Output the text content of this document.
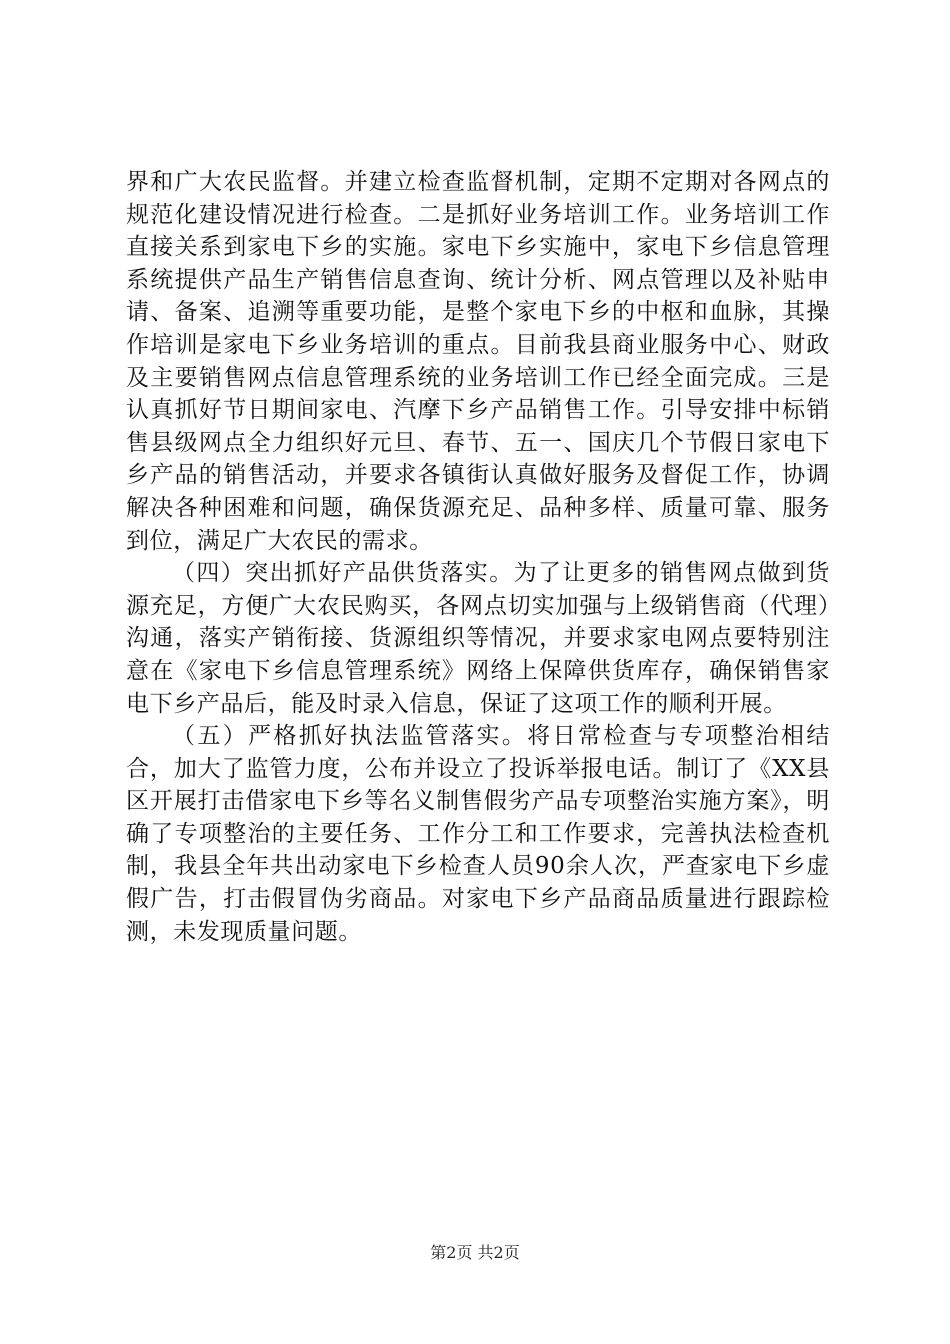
界和广大农民监督。并建立检查监督机制，定期不定期对各网点的规范化建设情况进行检查。二是抓好业务培训工作。业务培训工作直接关系到家电下乡的实施。家电下乡实施中，家电下乡信息管理系统提供产品生产销售信息查询、统计分析、网点管理以及补贴申请、备案、追溯等重要功能，是整个家电下乡的中枢和血脉，其操作培训是家电下乡业务培训的重点。目前我县商业服务中心、财政及主要销售网点信息管理系统的业务培训工作已经全面完成。三是认真抓好节日期间家电、汽摩下乡产品销售工作。引导安排中标销售县级网点全力组织好元旦、春节、五一、国庆几个节假日家电下乡产品的销售活动，并要求各镇街认真做好服务及督促工作，协调解决各种困难和问题，确保货源充足、品种多样、质量可靠、服务到位，满足广大农民的需求。

（四）突出抓好产品供货落实。为了让更多的销售网点做到货源充足，方便广大农民购买，各网点切实加强与上级销售商（代理）沟通，落实产销衔接、货源组织等情况，并要求家电网点要特别注意在《家电下乡信息管理系统》网络上保障供货库存，确保销售家电下乡产品后，能及时录入信息，保证了这项工作的顺利开展。

（五）严格抓好执法监管落实。将日常检查与专项整治相结合，加大了监管力度，公布并设立了投诉举报电话。制订了《XX县区开展打击借家电下乡等名义制售假劣产品专项整治实施方案》，明确了专项整治的主要任务、工作分工和工作要求，完善执法检查机制，我县全年共出动家电下乡检查人员90余人次，严查家电下乡虚假广告，打击假冒伪劣商品。对家电下乡产品商品质量进行跟踪检测，未发现质量问题。

第2页 共2页
